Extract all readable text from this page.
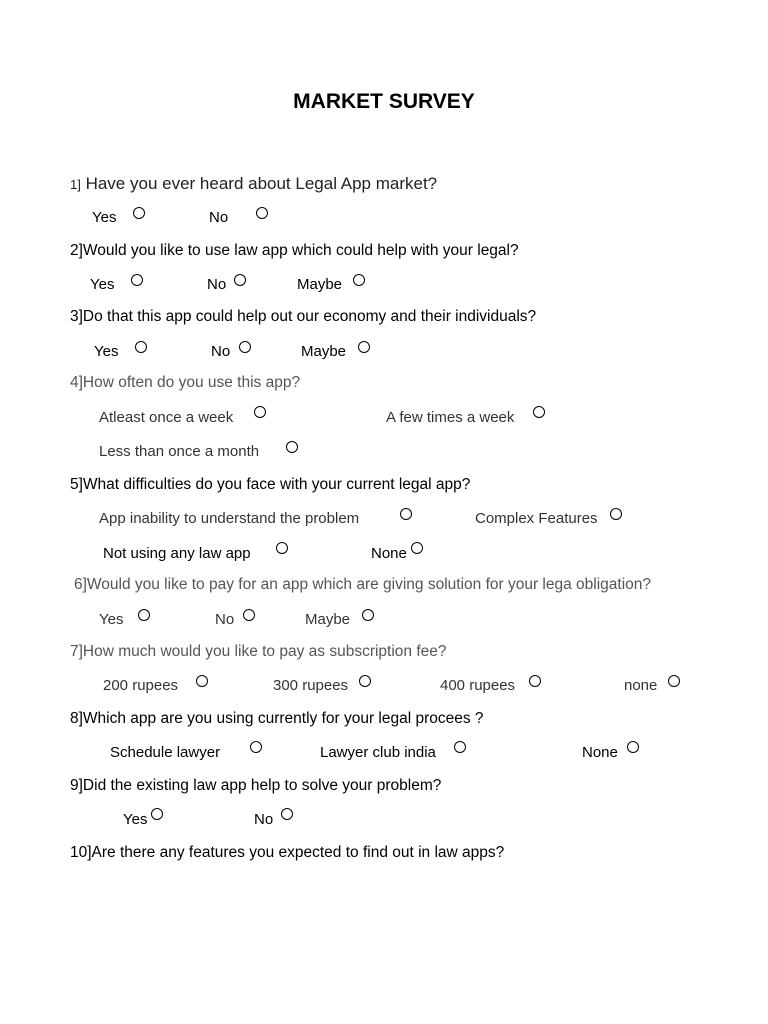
MARKET SURVEY
1] Have you ever heard about Legal App market?
Yes	No
2]Would you like to use law app which could help with your legal?
Yes	No	Maybe
3]Do that this app could help out our economy and their individuals?
Yes	No	Maybe
4]How often do you use this app?
Atleast once a week	A few times a week
Less than once a month
5]What difficulties do you face with your current legal app?
App inability to understand the problem	Complex Features
Not using any law app	None
6]Would you like to pay for an app which are giving solution for your lega obligation?
Yes	No	Maybe
7]How much would you like to pay as subscription fee?
200 rupees	300 rupees	400 rupees	none
8]Which app are you using currently for your legal procees ?
Schedule lawyer	Lawyer club india	None
9]Did the existing law app help to solve your problem?
Yes	No
10]Are there any features you expected to find out in law apps?
